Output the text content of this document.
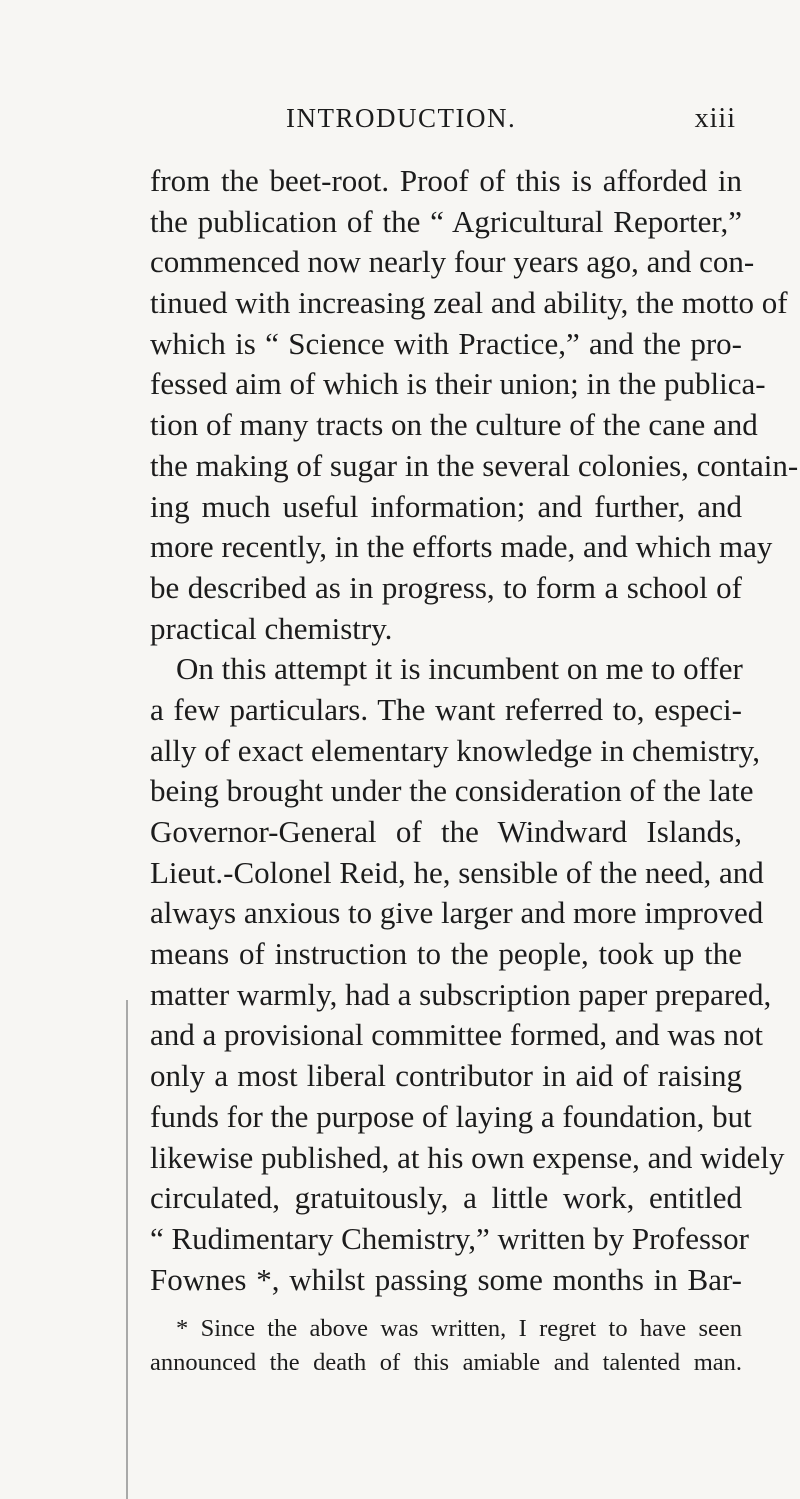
INTRODUCTION.	xiii
from the beet-root. Proof of this is afforded in
the publication of the “ Agricultural Reporter,”
commenced now nearly four years ago, and con-
tinued with increasing zeal and ability, the motto of
which is “ Science with Practice,” and the pro-
fessed aim of which is their union; in the publica-
tion of many tracts on the culture of the cane and
the making of sugar in the several colonies, contain-
ing much useful information; and further, and
more recently, in the efforts made, and which may
be described as in progress, to form a school of
practical chemistry.
On this attempt it is incumbent on me to offer
a few particulars. The want referred to, especi-
ally of exact elementary knowledge in chemistry,
being brought under the consideration of the late
Governor-General of the Windward Islands,
Lieut.-Colonel Reid, he, sensible of the need, and
always anxious to give larger and more improved
means of instruction to the people, took up the
matter warmly, had a subscription paper prepared,
and a provisional committee formed, and was not
only a most liberal contributor in aid of raising
funds for the purpose of laying a foundation, but
likewise published, at his own expense, and widely
circulated, gratuitously, a little work, entitled
“ Rudimentary Chemistry,” written by Professor
Fownes *, whilst passing some months in Bar-
* Since the above was written, I regret to have seen
announced the death of this amiable and talented man.
